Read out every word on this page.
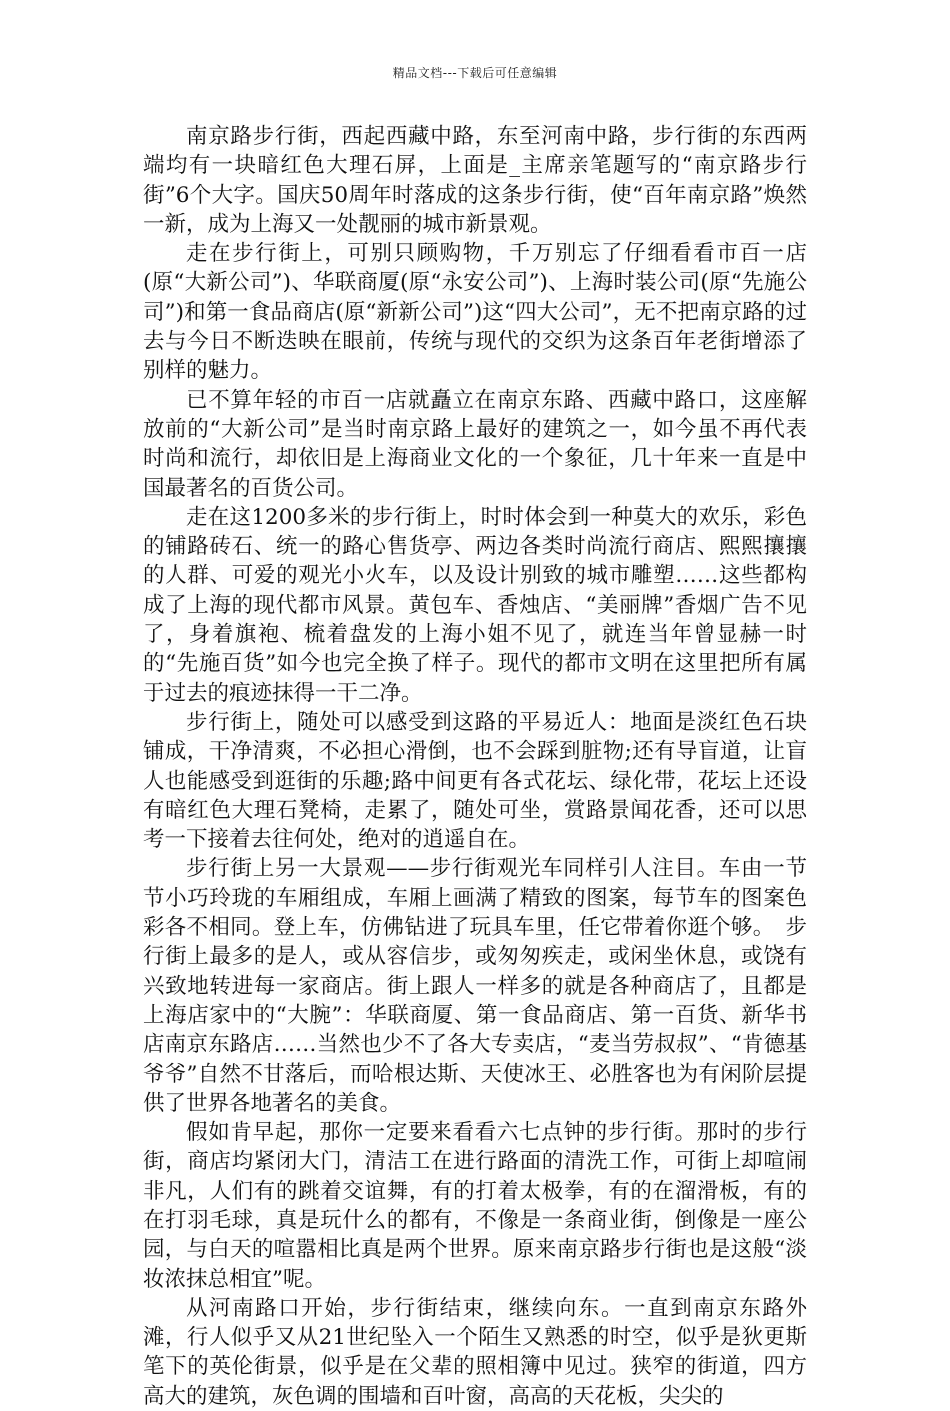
精品文档---下载后可任意编辑

南京路步行街，西起西藏中路，东至河南中路，步行街的东西两端均有一块暗红色大理石屏，上面是_主席亲笔题写的“南京路步行街”6个大字。国庆50周年时落成的这条步行街，使“百年南京路”焕然一新，成为上海又一处靓丽的城市新景观。

走在步行街上，可别只顾购物，千万别忘了仔细看看市百一店(原“大新公司”)、华联商厦(原“永安公司”)、上海时装公司(原“先施公司”)和第一食品商店(原“新新公司”)这“四大公司”，无不把南京路的过去与今日不断迭映在眼前，传统与现代的交织为这条百年老街增添了别样的魅力。

已不算年轻的市百一店就矗立在南京东路、西藏中路口，这座解放前的“大新公司”是当时南京路上最好的建筑之一，如今虽不再代表时尚和流行，却依旧是上海商业文化的一个象征，几十年来一直是中国最著名的百货公司。

走在这1200多米的步行街上，时时体会到一种莫大的欢乐，彩色的铺路砖石、统一的路心售货亭、两边各类时尚流行商店、熙熙攘攘的人群、可爱的观光小火车，以及设计别致的城市雕塑……这些都构成了上海的现代都市风景。黄包车、香烛店、“美丽牌”香烟广告不见了，身着旗袍、梳着盘发的上海小姐不见了，就连当年曾显赫一时的“先施百货”如今也完全换了样子。现代的都市文明在这里把所有属于过去的痕迹抹得一干二净。

步行街上，随处可以感受到这路的平易近人：地面是淡红色石块铺成，干净清爽，不必担心滑倒，也不会踩到脏物;还有导盲道，让盲人也能感受到逛街的乐趣;路中间更有各式花坛、绿化带，花坛上还设有暗红色大理石凳椅，走累了，随处可坐，赏路景闻花香，还可以思考一下接着去往何处，绝对的逍遥自在。

步行街上另一大景观——步行街观光车同样引人注目。车由一节节小巧玲珑的车厢组成，车厢上画满了精致的图案，每节车的图案色彩各不相同。登上车，仿佛钻进了玩具车里，任它带着你逛个够。　步行街上最多的是人，或从容信步，或匆匆疾走，或闲坐休息，或饶有兴致地转进每一家商店。街上跟人一样多的就是各种商店了，且都是上海店家中的“大腕”：华联商厦、第一食品商店、第一百货、新华书店南京东路店……当然也少不了各大专卖店，“麦当劳叔叔”、“肯德基爷爷”自然不甘落后，而哈根达斯、天使冰王、必胜客也为有闲阶层提供了世界各地著名的美食。

假如肯早起，那你一定要来看看六七点钟的步行街。那时的步行街，商店均紧闭大门，清洁工在进行路面的清洗工作，可街上却喧闹非凡，人们有的跳着交谊舞，有的打着太极拳，有的在溜滑板，有的在打羽毛球，真是玩什么的都有，不像是一条商业街，倒像是一座公园，与白天的喧嚣相比真是两个世界。原来南京路步行街也是这般“淡妆浓抹总相宜”呢。

从河南路口开始，步行街结束，继续向东。一直到南京东路外滩，行人似乎又从21世纪坠入一个陌生又熟悉的时空，似乎是狄更斯笔下的英伦街景，似乎是在父辈的照相簿中见过。狭窄的街道，四方高大的建筑，灰色调的围墙和百叶窗，高高的天花板，尖尖的
